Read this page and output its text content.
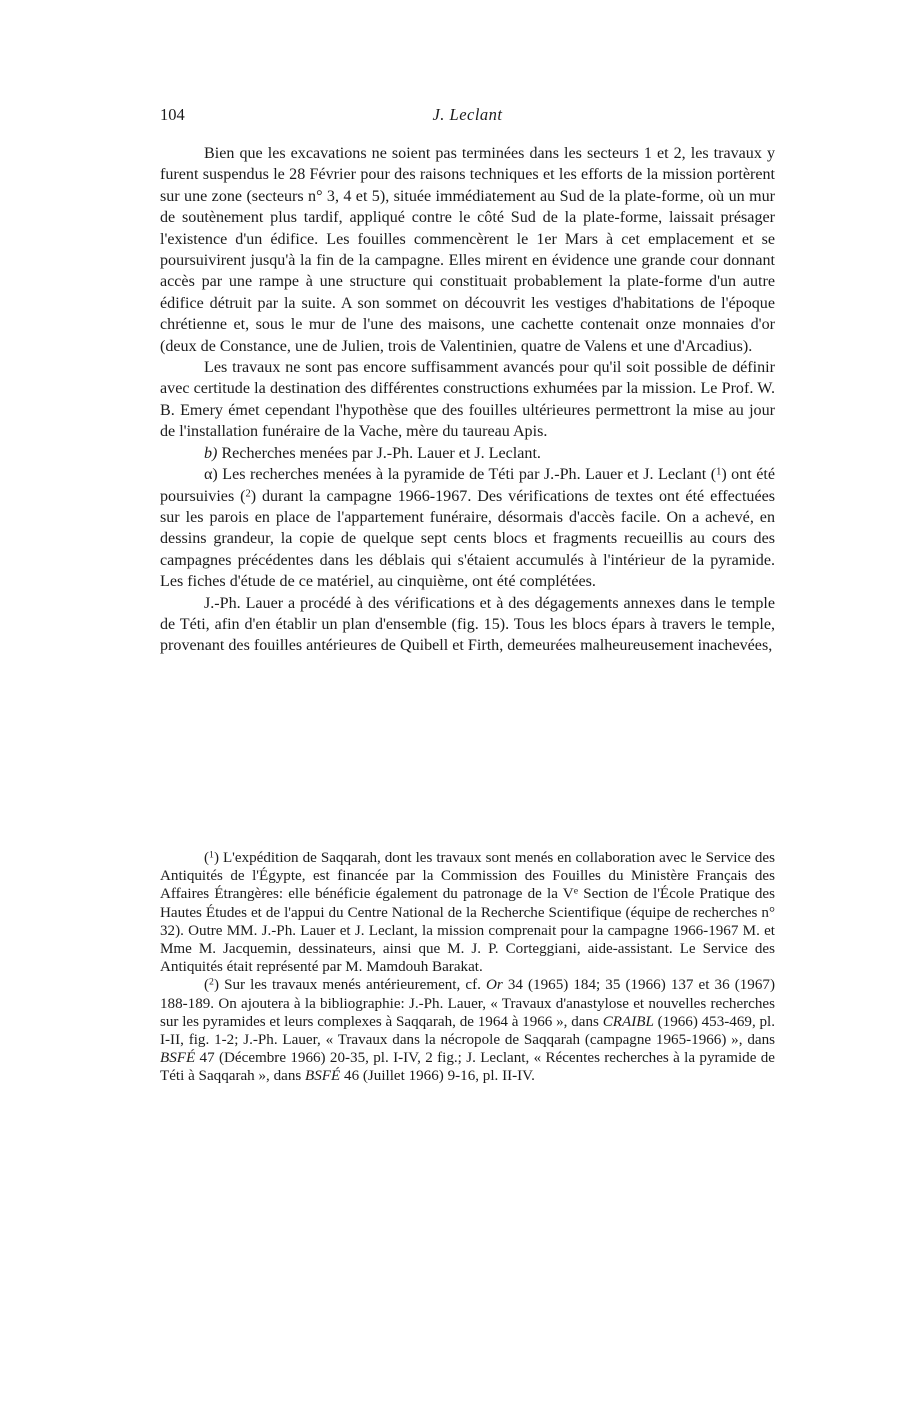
104	J. Leclant

Bien que les excavations ne soient pas terminées dans les secteurs 1 et 2, les travaux y furent suspendus le 28 Février pour des raisons techniques et les efforts de la mission portèrent sur une zone (secteurs n° 3, 4 et 5), située immédiatement au Sud de la plate-forme, où un mur de soutènement plus tardif, appliqué contre le côté Sud de la plate-forme, laissait présager l'existence d'un édifice. Les fouilles commencèrent le 1er Mars à cet emplacement et se poursuivirent jusqu'à la fin de la campagne. Elles mirent en évidence une grande cour donnant accès par une rampe à une structure qui constituait probablement la plate-forme d'un autre édifice détruit par la suite. A son sommet on découvrit les vestiges d'habitations de l'époque chrétienne et, sous le mur de l'une des maisons, une cachette contenait onze monnaies d'or (deux de Constance, une de Julien, trois de Valentinien, quatre de Valens et une d'Arcadius).

Les travaux ne sont pas encore suffisamment avancés pour qu'il soit possible de définir avec certitude la destination des différentes constructions exhumées par la mission. Le Prof. W. B. Emery émet cependant l'hypothèse que des fouilles ultérieures permettront la mise au jour de l'installation funéraire de la Vache, mère du taureau Apis.

b) Recherches menées par J.-Ph. Lauer et J. Leclant.

α) Les recherches menées à la pyramide de Téti par J.-Ph. Lauer et J. Leclant ($^1$) ont été poursuivies ($^2$) durant la campagne 1966-1967. Des vérifications de textes ont été effectuées sur les parois en place de l'appartement funéraire, désormais d'accès facile. On a achevé, en dessins grandeur, la copie de quelque sept cents blocs et fragments recueillis au cours des campagnes précédentes dans les déblais qui s'étaient accumulés à l'intérieur de la pyramide. Les fiches d'étude de ce matériel, au cinquième, ont été complétées.

J.-Ph. Lauer a procédé à des vérifications et à des dégagements annexes dans le temple de Téti, afin d'en établir un plan d'ensemble (fig. 15). Tous les blocs épars à travers le temple, provenant des fouilles antérieures de Quibell et Firth, demeurées malheureusement inachevées,

($^1$) L'expédition de Saqqarah, dont les travaux sont menés en collaboration avec le Service des Antiquités de l'Égypte, est financée par la Commission des Fouilles du Ministère Français des Affaires Étrangères: elle bénéficie également du patronage de la Ve Section de l'École Pratique des Hautes Études et de l'appui du Centre National de la Recherche Scientifique (équipe de recherches n° 32). Outre MM. J.-Ph. Lauer et J. Leclant, la mission comprenait pour la campagne 1966-1967 M. et Mme M. Jacquemin, dessinateurs, ainsi que M. J. P. Corteggiani, aide-assistant. Le Service des Antiquités était représenté par M. Mamdouh Barakat.

($^2$) Sur les travaux menés antérieurement, cf. Or 34 (1965) 184; 35 (1966) 137 et 36 (1967) 188-189. On ajoutera à la bibliographie: J.-Ph. Lauer, « Travaux d'anastylose et nouvelles recherches sur les pyramides et leurs complexes à Saqqarah, de 1964 à 1966 », dans CRAIBL (1966) 453-469, pl. I-II, fig. 1-2; J.-Ph. Lauer, « Travaux dans la nécropole de Saqqarah (campagne 1965-1966) », dans BSFÉ 47 (Décembre 1966) 20-35, pl. I-IV, 2 fig.; J. Leclant, « Récentes recherches à la pyramide de Téti à Saqqarah », dans BSFÉ 46 (Juillet 1966) 9-16, pl. II-IV.
